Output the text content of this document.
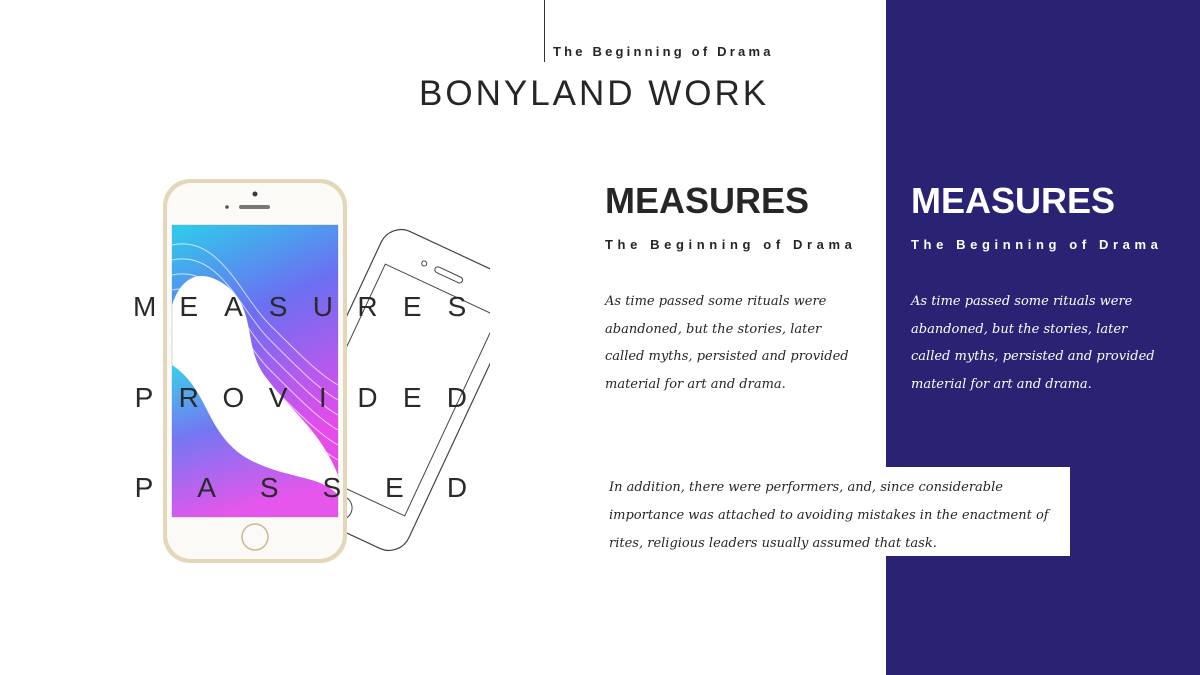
The Beginning of Drama
BONYLAND WORK
M E A S U R E S
P R O V I D E D
P A S S E D
MEASURES
The Beginning of Drama
As time passed some rituals were abandoned, but the stories, later called myths, persisted and provided material for art and drama.
MEASURES
The Beginning of Drama
As time passed some rituals were abandoned, but the stories, later called myths, persisted and provided material for art and drama.
In addition, there were performers, and, since considerable importance was attached to avoiding mistakes in the enactment of rites, religious leaders usually assumed that task.
